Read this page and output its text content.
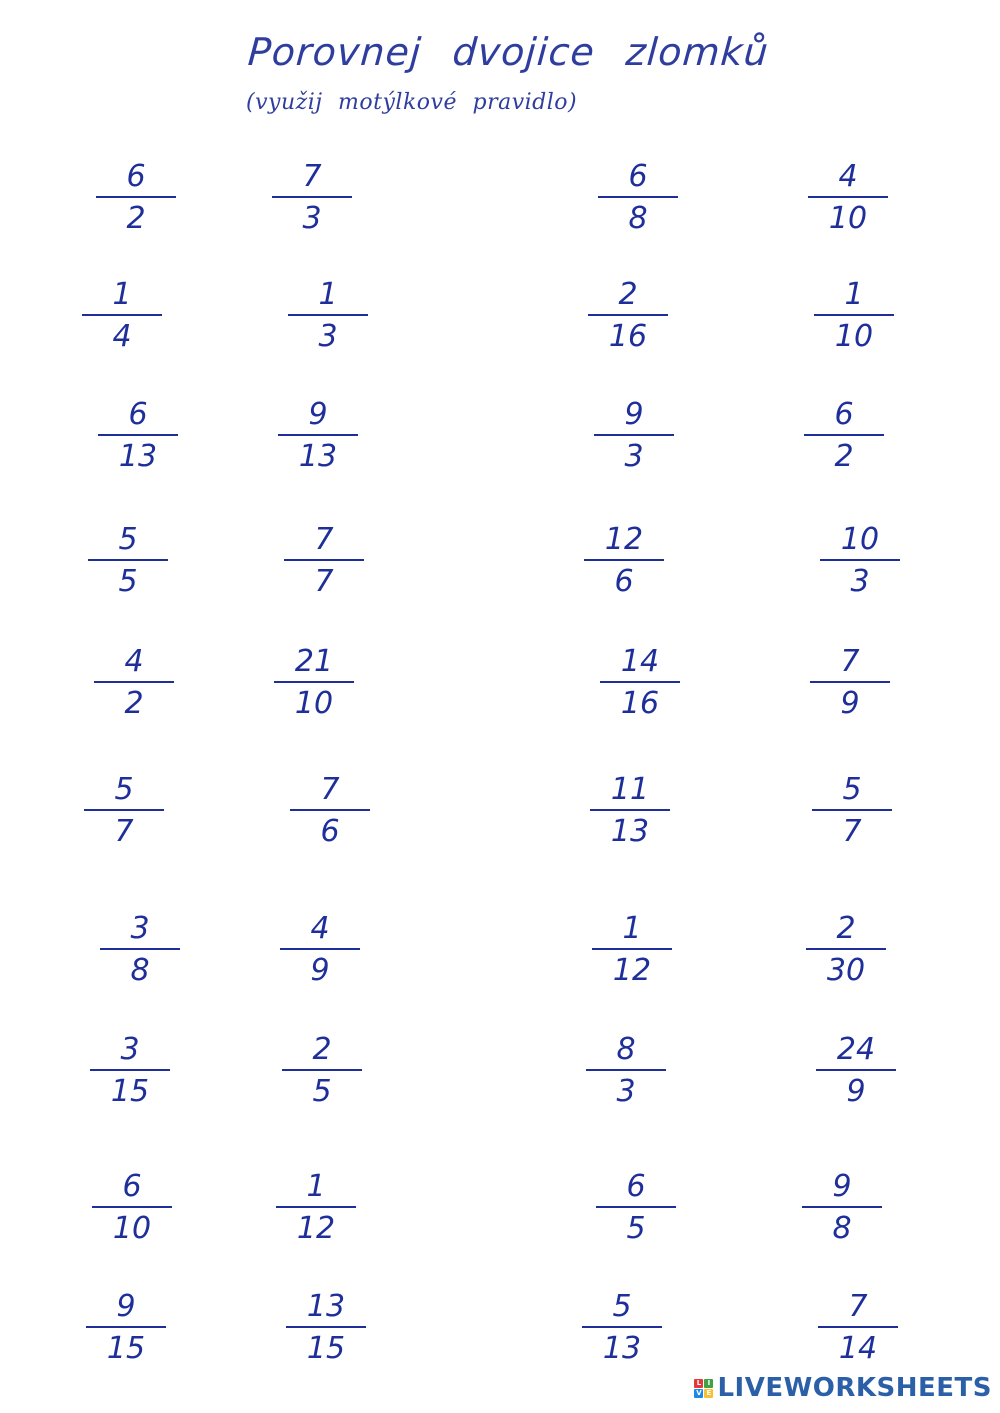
Porovnej dvojice zlomků
(využij motýlkové pravidlo)
6
2
7
3
6
8
4
10
1
4
1
3
2
16
1
10
6
13
9
13
9
3
6
2
5
5
7
7
12
6
10
3
4
2
21
10
14
16
7
9
5
7
7
6
11
13
5
7
3
8
4
9
1
12
2
30
3
15
2
5
8
3
24
9
6
10
1
12
6
5
9
8
9
15
13
15
5
13
7
14
L I
V E LIVEWORKSHEETS
